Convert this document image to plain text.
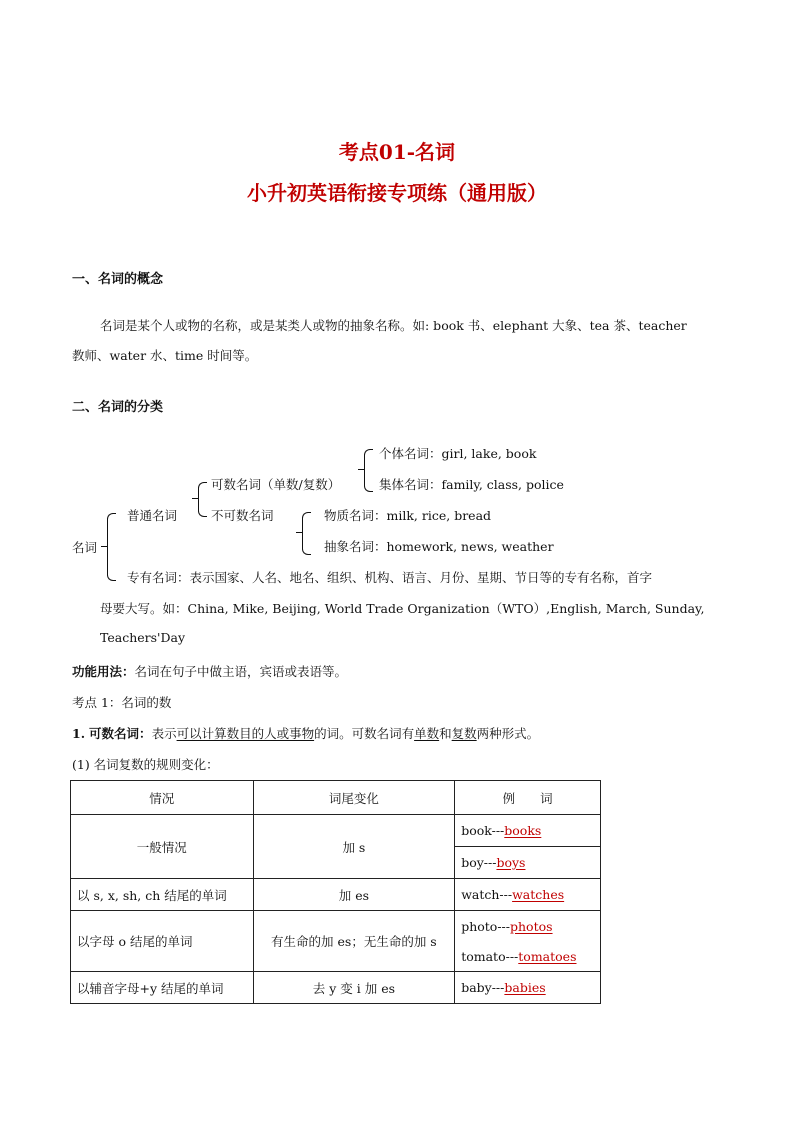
考点01-名词
小升初英语衔接专项练（通用版）
一、名词的概念
名词是某个人或物的名称，或是某类人或物的抽象名称。如: book 书、elephant 大象、tea 茶、teacher
教师、water 水、time 时间等。
二、名词的分类
名词
普通名词
可数名词（单数/复数）
不可数名词
个体名词：girl, lake, book
集体名词：family, class, police
物质名词：milk, rice, bread
抽象名词：homework, news, weather
专有名词：表示国家、人名、地名、组织、机构、语言、月份、星期、节日等的专有名称，首字
母要大写。如：China, Mike, Beijing, World Trade Organization（WTO）,English, March, Sunday,
Teachers'Day
功能用法：名词在句子中做主语，宾语或表语等。
考点 1：名词的数
1. 可数名词：表示可以计算数目的人或事物的词。可数名词有单数和复数两种形式。
(1) 名词复数的规则变化：
情况	词尾变化	例　　词
一般情况	加 s	book---books
		boy---boys
以 s, x, sh, ch 结尾的单词	加 es	watch---watches
以字母 o 结尾的单词	有生命的加 es；无生命的加 s	photo---photos
		tomato---tomatoes
以辅音字母+y 结尾的单词	去 y 变 i 加 es	baby---babies
